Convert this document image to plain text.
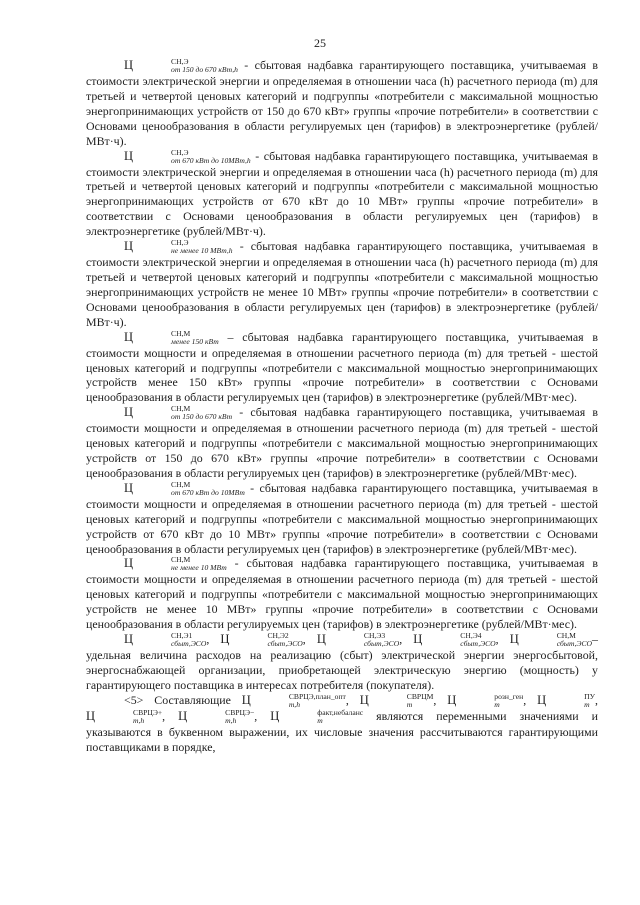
25

Ц	СН,Э
от 150 до 670 кВт,h - сбытовая надбавка гарантирующего поставщика, учитываемая в стоимости электрической энергии и определяемая в отношении часа (h) расчетного периода (m) для третьей и четвертой ценовых категорий и подгруппы «потребители с максимальной мощностью энергопринимающих устройств от 150 до 670 кВт» группы «прочие потребители» в соответствии с Основами ценообразования в области регулируемых цен (тарифов) в электроэнергетике (рублей/МВт·ч).

Ц	СН,Э
от 670 кВт до 10МВт,h - сбытовая надбавка гарантирующего поставщика, учитываемая в стоимости электрической энергии и определяемая в отношении часа (h) расчетного периода (m) для третьей и четвертой ценовых категорий и подгруппы «потребители с максимальной мощностью энергопринимающих устройств от 670 кВт до 10 МВт» группы «прочие потребители» в соответствии с Основами ценообразования в области регулируемых цен (тарифов) в электроэнергетике (рублей/МВт·ч).

Ц	СН,Э
не менее 10 МВт,h - сбытовая надбавка гарантирующего поставщика, учитываемая в стоимости электрической энергии и определяемая в отношении часа (h) расчетного периода (m) для третьей и четвертой ценовых категорий и подгруппы «потребители с максимальной мощностью энергопринимающих устройств не менее 10 МВт» группы «прочие потребители» в соответствии с Основами ценообразования в области регулируемых цен (тарифов) в электроэнергетике (рублей/МВт·ч).

Ц	СН,М
менее 150 кВт – сбытовая надбавка гарантирующего поставщика, учитываемая в стоимости мощности и определяемая в отношении расчетного периода (m) для третьей - шестой ценовых категорий и подгруппы «потребители с максимальной мощностью энергопринимающих устройств менее 150 кВт» группы «прочие потребители» в соответствии с Основами ценообразования в области регулируемых цен (тарифов) в электроэнергетике (рублей/МВт·мес).

Ц	СН,М
от 150 до 670 кВт - сбытовая надбавка гарантирующего поставщика, учитываемая в стоимости мощности и определяемая в отношении расчетного периода (m) для третьей - шестой ценовых категорий и подгруппы «потребители с максимальной мощностью энергопринимающих устройств от 150 до 670 кВт» группы «прочие потребители» в соответствии с Основами ценообразования в области регулируемых цен (тарифов) в электроэнергетике (рублей/МВт·мес).

Ц	СН,М
от 670 кВт до 10МВт - сбытовая надбавка гарантирующего поставщика, учитываемая в стоимости мощности и определяемая в отношении расчетного периода (m) для третьей - шестой ценовых категорий и подгруппы «потребители с максимальной мощностью энергопринимающих устройств от 670 кВт до 10 МВт» группы «прочие потребители» в соответствии с Основами ценообразования в области регулируемых цен (тарифов) в электроэнергетике (рублей/МВт·мес).

Ц	СН,М
не менее 10 МВт - сбытовая надбавка гарантирующего поставщика, учитываемая в стоимости мощности и определяемая в отношении расчетного периода (m) для третьей - шестой ценовых категорий и подгруппы «потребители с максимальной мощностью энергопринимающих устройств не менее 10 МВт» группы «прочие потребители» в соответствии с Основами ценообразования в области регулируемых цен (тарифов) в электроэнергетике (рублей/МВт·мес).

Ц	СН,Э1
сбыт,ЭСО , Ц	СН,Э2
сбыт,ЭСО , Ц	СН,Э3
сбыт,ЭСО , Ц	СН,Э4
сбыт,ЭСО , Ц	СН,М
сбыт,ЭСО – удельная величина расходов на реализацию (сбыт) электрической энергии энергосбытовой, энергоснабжающей организации, приобретающей электрическую энергию (мощность) у гарантирующего поставщика в интересах потребителя (покупателя).

<5> Составляющие Ц	СВРЦЭ,план_опт
m,h	, Ц	СВРЦМ
m	, Ц	розн_ген
m	, Ц	ПУ
m , Ц	СВРЦЭ+
m,h	, Ц	СВРЦЭ−
m,h	, Ц	факт,небаланс
m	являются переменными значениями и указываются в буквенном выражении, их числовые значения рассчитываются гарантирующими поставщиками в порядке,
